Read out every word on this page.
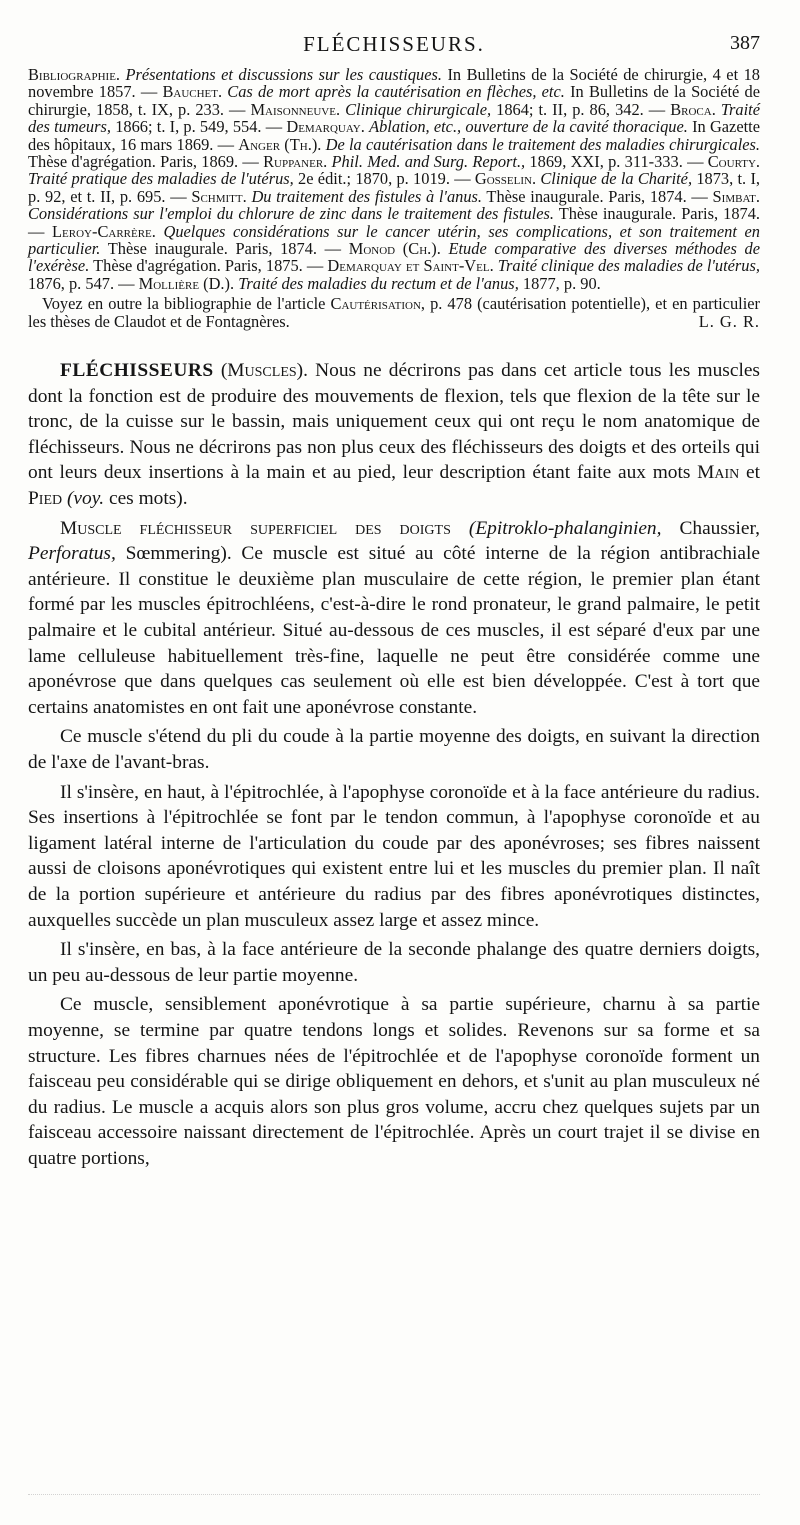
FLÉCHISSEURS.	387

Bibliographie. Présentations et discussions sur les caustiques. In Bulletins de la Société de chirurgie, 4 et 18 novembre 1857. — Bauchet. Cas de mort après la cautérisation en flèches, etc. In Bulletins de la Société de chirurgie, 1858, t. IX, p. 233. — Maisonneuve. Clinique chirurgicale, 1864; t. II, p. 86, 342. — Broca. Traité des tumeurs, 1866; t. I, p. 549, 554. — Demarquay. Ablation, etc., ouverture de la cavité thoracique. In Gazette des hôpitaux, 16 mars 1869. — Anger (Th.). De la cautérisation dans le traitement des maladies chirurgicales. Thèse d'agrégation. Paris, 1869. — Ruppaner. Phil. Med. and Surg. Report., 1869, XXI, p. 311-333. — Courty. Traité pratique des maladies de l'utérus, 2e édit.; 1870, p. 1019. — Gosselin. Clinique de la Charité, 1873, t. I, p. 92, et t. II, p. 695. — Schmitt. Du traitement des fistules à l'anus. Thèse inaugurale. Paris, 1874. — Simbat. Considérations sur l'emploi du chlorure de zinc dans le traitement des fistules. Thèse inaugurale. Paris, 1874. — Leroy-Carrère. Quelques considérations sur le cancer utérin, ses complications, et son traitement en particulier. Thèse inaugurale. Paris, 1874. — Monod (Ch.). Etude comparative des diverses méthodes de l'exérèse. Thèse d'agrégation. Paris, 1875. — Demarquay et Saint-Vel. Traité clinique des maladies de l'utérus, 1876, p. 547. — Mollière (D.). Traité des maladies du rectum et de l'anus, 1877, p. 90.

Voyez en outre la bibliographie de l'article Cautérisation, p. 478 (cautérisation potentielle), et en particulier les thèses de Claudot et de Fontagnères.	L. G. R.

FLÉCHISSEURS (Muscles). Nous ne décrirons pas dans cet article tous les muscles dont la fonction est de produire des mouvements de flexion, tels que flexion de la tête sur le tronc, de la cuisse sur le bassin, mais uniquement ceux qui ont reçu le nom anatomique de fléchisseurs. Nous ne décrirons pas non plus ceux des fléchisseurs des doigts et des orteils qui ont leurs deux insertions à la main et au pied, leur description étant faite aux mots Main et Pied (voy. ces mots).

Muscle fléchisseur superficiel des doigts (Epitroklo-phalanginien, Chaussier, Perforatus, Sœmmering). Ce muscle est situé au côté interne de la région antibrachiale antérieure. Il constitue le deuxième plan musculaire de cette région, le premier plan étant formé par les muscles épitrochléens, c'est-à-dire le rond pronateur, le grand palmaire, le petit palmaire et le cubital antérieur. Situé au-dessous de ces muscles, il est séparé d'eux par une lame celluleuse habituellement très-fine, laquelle ne peut être considérée comme une aponévrose que dans quelques cas seulement où elle est bien développée. C'est à tort que certains anatomistes en ont fait une aponévrose constante.

Ce muscle s'étend du pli du coude à la partie moyenne des doigts, en suivant la direction de l'axe de l'avant-bras.

Il s'insère, en haut, à l'épitrochlée, à l'apophyse coronoïde et à la face antérieure du radius. Ses insertions à l'épitrochlée se font par le tendon commun, à l'apophyse coronoïde et au ligament latéral interne de l'articulation du coude par des aponévroses; ses fibres naissent aussi de cloisons aponévrotiques qui existent entre lui et les muscles du premier plan. Il naît de la portion supérieure et antérieure du radius par des fibres aponévrotiques distinctes, auxquelles succède un plan musculeux assez large et assez mince.

Il s'insère, en bas, à la face antérieure de la seconde phalange des quatre derniers doigts, un peu au-dessous de leur partie moyenne.

Ce muscle, sensiblement aponévrotique à sa partie supérieure, charnu à sa partie moyenne, se termine par quatre tendons longs et solides. Revenons sur sa forme et sa structure. Les fibres charnues nées de l'épitrochlée et de l'apophyse coronoïde forment un faisceau peu considérable qui se dirige obliquement en dehors, et s'unit au plan musculeux né du radius. Le muscle a acquis alors son plus gros volume, accru chez quelques sujets par un faisceau accessoire naissant directement de l'épitrochlée. Après un court trajet il se divise en quatre portions,
